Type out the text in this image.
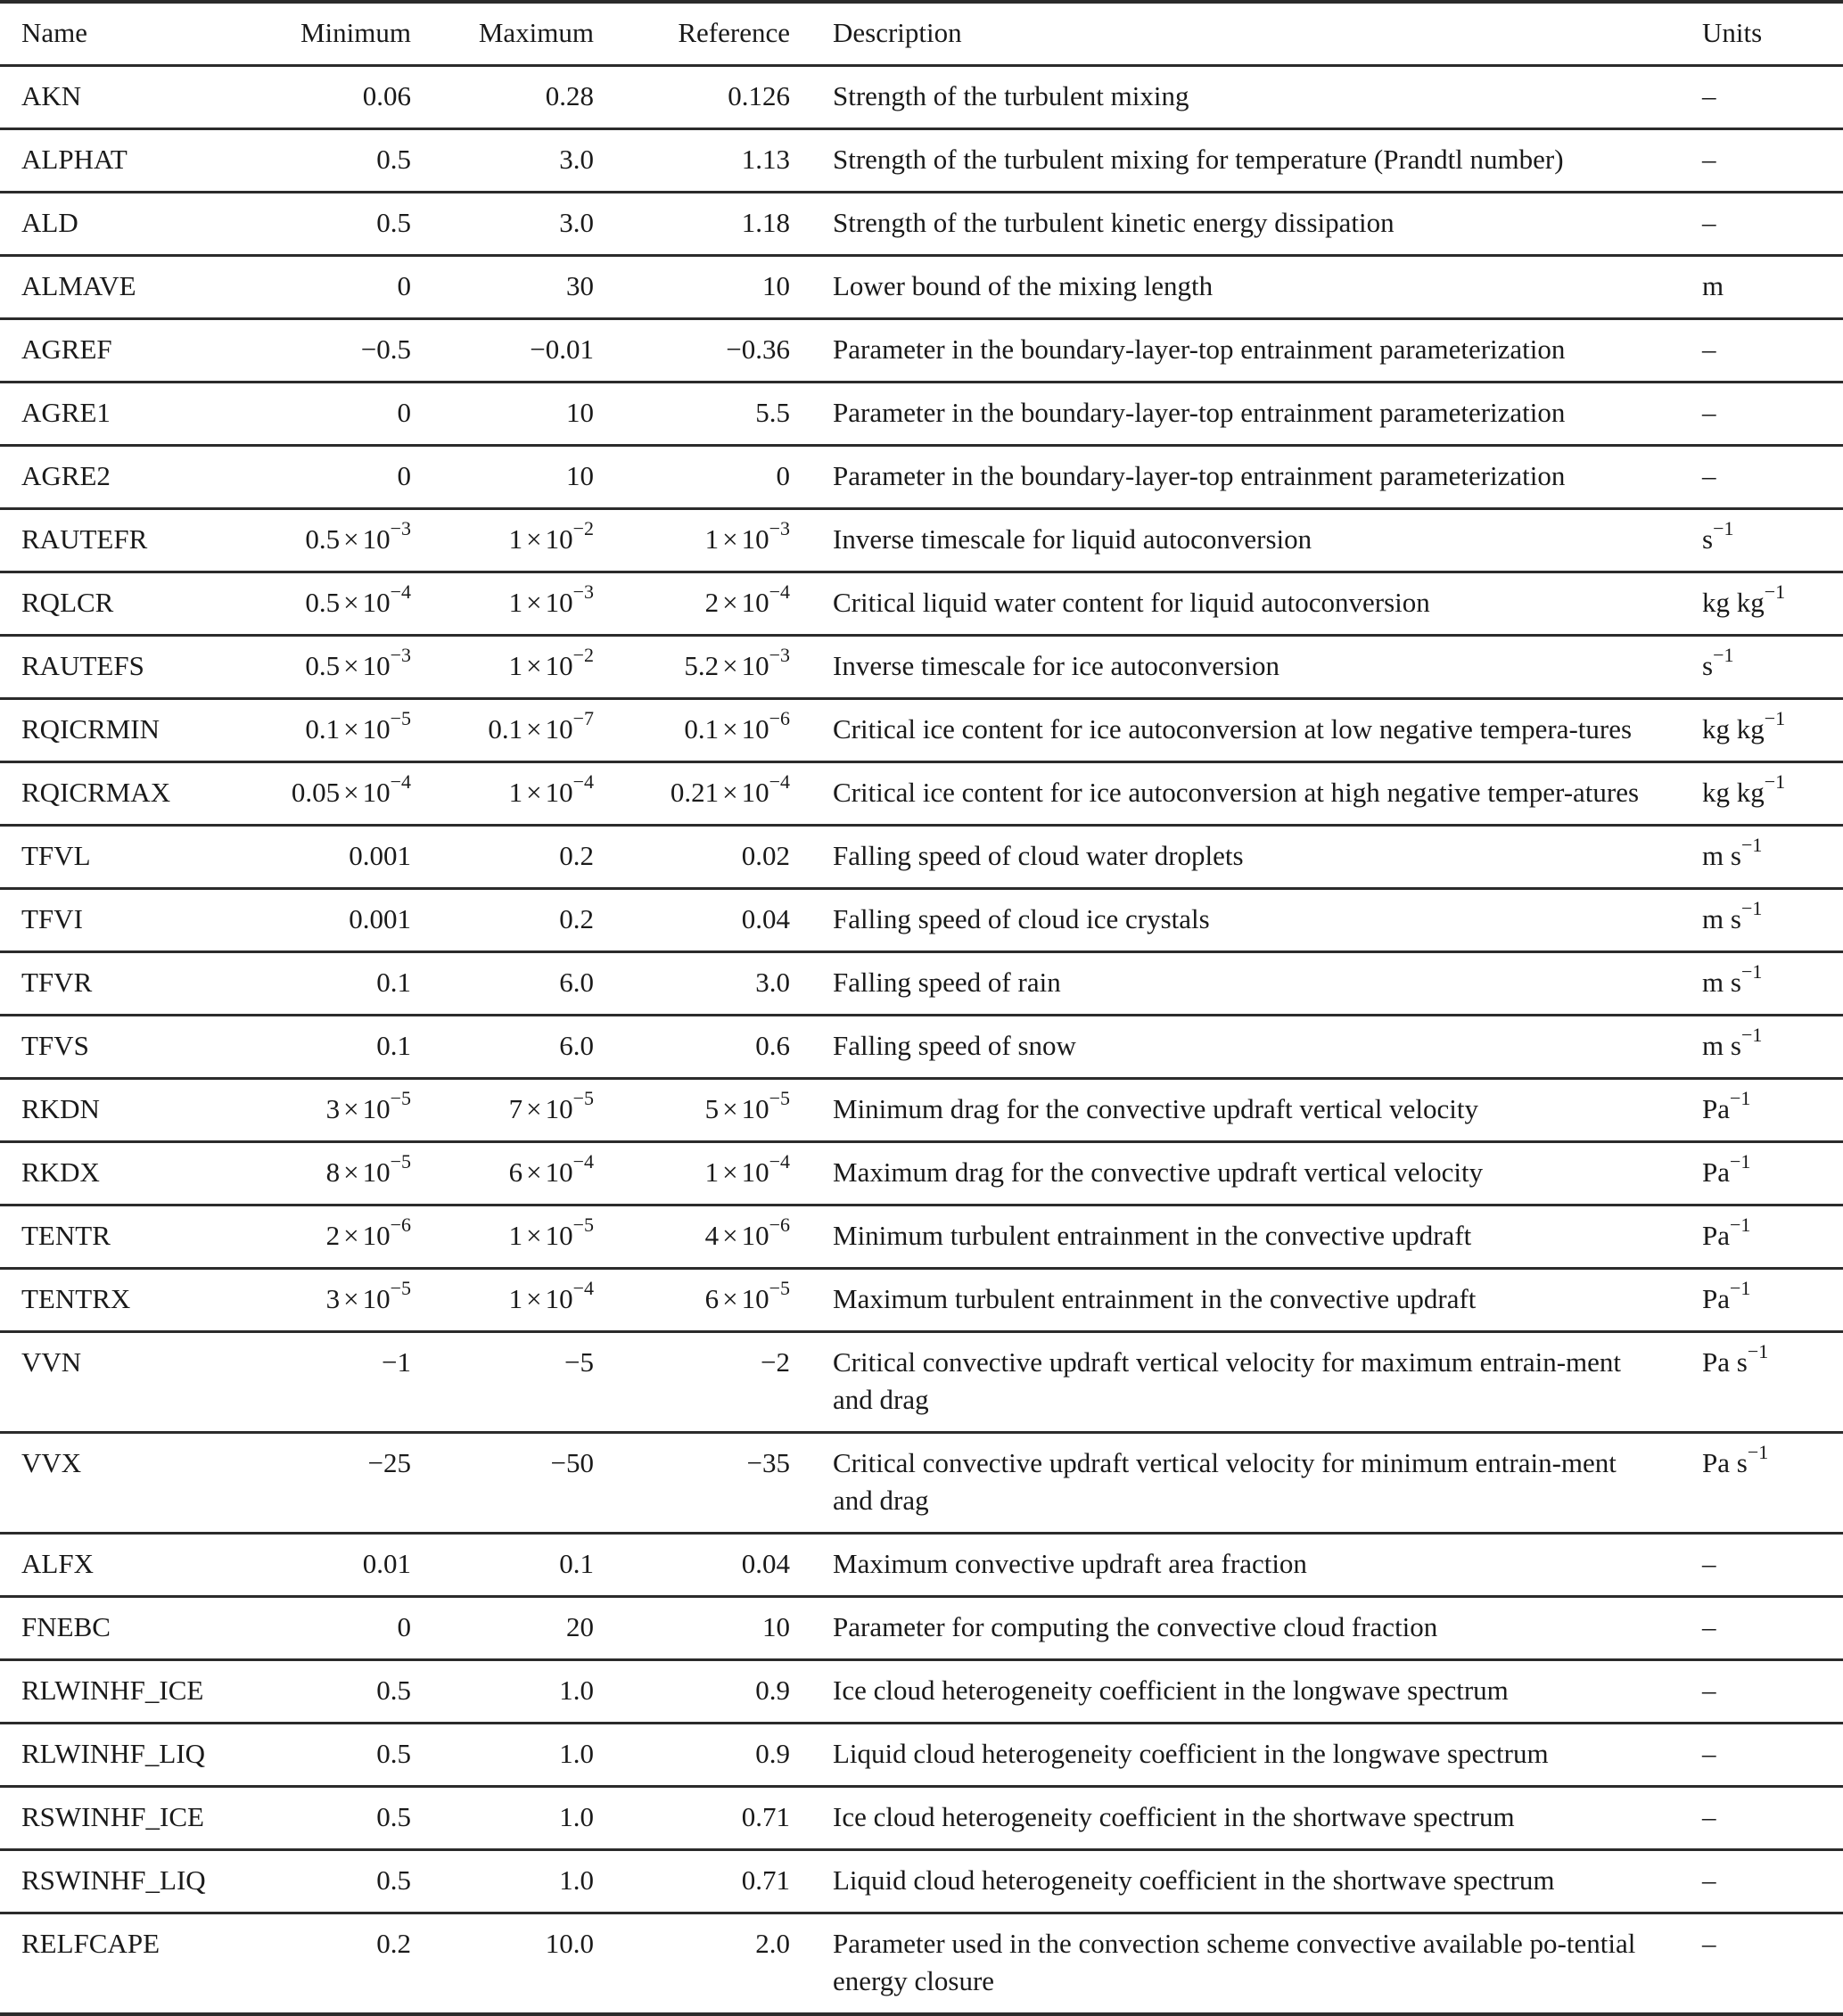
Name	Minimum	Maximum	Reference	Description	Units
AKN	0.06	0.28	0.126	Strength of the turbulent mixing	–
ALPHAT	0.5	3.0	1.13	Strength of the turbulent mixing for temperature (Prandtl number)	–
ALD	0.5	3.0	1.18	Strength of the turbulent kinetic energy dissipation	–
ALMAVE	0	30	10	Lower bound of the mixing length	m
AGREF	−0.5	−0.01	−0.36	Parameter in the boundary-layer-top entrainment parameterization	–
AGRE1	0	10	5.5	Parameter in the boundary-layer-top entrainment parameterization	–
AGRE2	0	10	0	Parameter in the boundary-layer-top entrainment parameterization	–
RAUTEFR	$0.5 \times 10^{-3}$	$1 \times 10^{-2}$	$1 \times 10^{-3}$	Inverse timescale for liquid autoconversion	$s^{-1}$
RQLCR	$0.5 \times 10^{-4}$	$1 \times 10^{-3}$	$2 \times 10^{-4}$	Critical liquid water content for liquid autoconversion	kg $kg^{-1}$
RAUTEFS	$0.5 \times 10^{-3}$	$1 \times 10^{-2}$	$5.2 \times 10^{-3}$	Inverse timescale for ice autoconversion	$s^{-1}$
RQICRMIN	$0.1 \times 10^{-5}$	$0.1 \times 10^{-7}$	$0.1 \times 10^{-6}$	Critical ice content for ice autoconversion at low negative tempera-tures	kg $kg^{-1}$
RQICRMAX	$0.05 \times 10^{-4}$	$1 \times 10^{-4}$	$0.21 \times 10^{-4}$	Critical ice content for ice autoconversion at high negative temper-atures	kg $kg^{-1}$
TFVL	0.001	0.2	0.02	Falling speed of cloud water droplets	m $s^{-1}$
TFVI	0.001	0.2	0.04	Falling speed of cloud ice crystals	m $s^{-1}$
TFVR	0.1	6.0	3.0	Falling speed of rain	m $s^{-1}$
TFVS	0.1	6.0	0.6	Falling speed of snow	m $s^{-1}$
RKDN	$3 \times 10^{-5}$	$7 \times 10^{-5}$	$5 \times 10^{-5}$	Minimum drag for the convective updraft vertical velocity	$Pa^{-1}$
RKDX	$8 \times 10^{-5}$	$6 \times 10^{-4}$	$1 \times 10^{-4}$	Maximum drag for the convective updraft vertical velocity	$Pa^{-1}$
TENTR	$2 \times 10^{-6}$	$1 \times 10^{-5}$	$4 \times 10^{-6}$	Minimum turbulent entrainment in the convective updraft	$Pa^{-1}$
TENTRX	$3 \times 10^{-5}$	$1 \times 10^{-4}$	$6 \times 10^{-5}$	Maximum turbulent entrainment in the convective updraft	$Pa^{-1}$
VVN	−1	−5	−2	Critical convective updraft vertical velocity for maximum entrain-ment and drag	Pa $s^{-1}$
VVX	−25	−50	−35	Critical convective updraft vertical velocity for minimum entrain-ment and drag	Pa $s^{-1}$
ALFX	0.01	0.1	0.04	Maximum convective updraft area fraction	–
FNEBC	0	20	10	Parameter for computing the convective cloud fraction	–
RLWINHF_ICE	0.5	1.0	0.9	Ice cloud heterogeneity coefficient in the longwave spectrum	–
RLWINHF_LIQ	0.5	1.0	0.9	Liquid cloud heterogeneity coefficient in the longwave spectrum	–
RSWINHF_ICE	0.5	1.0	0.71	Ice cloud heterogeneity coefficient in the shortwave spectrum	–
RSWINHF_LIQ	0.5	1.0	0.71	Liquid cloud heterogeneity coefficient in the shortwave spectrum	–
RELFCAPE	0.2	10.0	2.0	Parameter used in the convection scheme convective available po-tential energy closure	–
